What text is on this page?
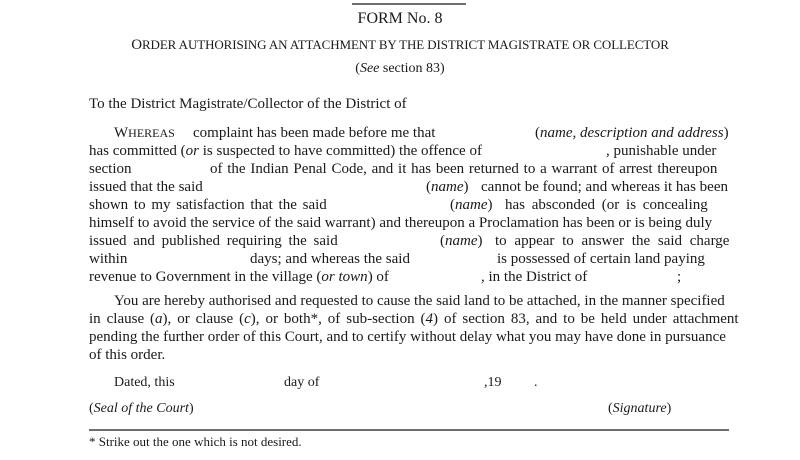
FORM No. 8
ORDER AUTHORISING AN ATTACHMENT BY THE DISTRICT MAGISTRATE OR COLLECTOR
(See section 83)
To the District Magistrate/Collector of the District of
WHEREAS complaint has been made before me that	(name, description and address)
has committed (or is suspected to have committed) the offence of	, punishable under
section	of the Indian Penal Code, and it has been returned to a warrant of arrest thereupon
issued that the said	(name) cannot be found; and whereas it has been
shown to my satisfaction that the said	(name) has absconded (or is concealing
himself to avoid the service of the said warrant) and thereupon a Proclamation has been or is being duly
issued and published requiring the said	(name) to appear to answer the said charge
within	days; and whereas the said	is possessed of certain land paying
revenue to Government in the village (or town) of	, in the District of	;
You are hereby authorised and requested to cause the said land to be attached, in the manner specified
in clause (a), or clause (c), or both*, of sub-section (4) of section 83, and to be held under attachment
pending the further order of this Court, and to certify without delay what you may have done in pursuance
of this order.
Dated, this	day of	,19 .
(Seal of the Court)	(Signature)
* Strike out the one which is not desired.
